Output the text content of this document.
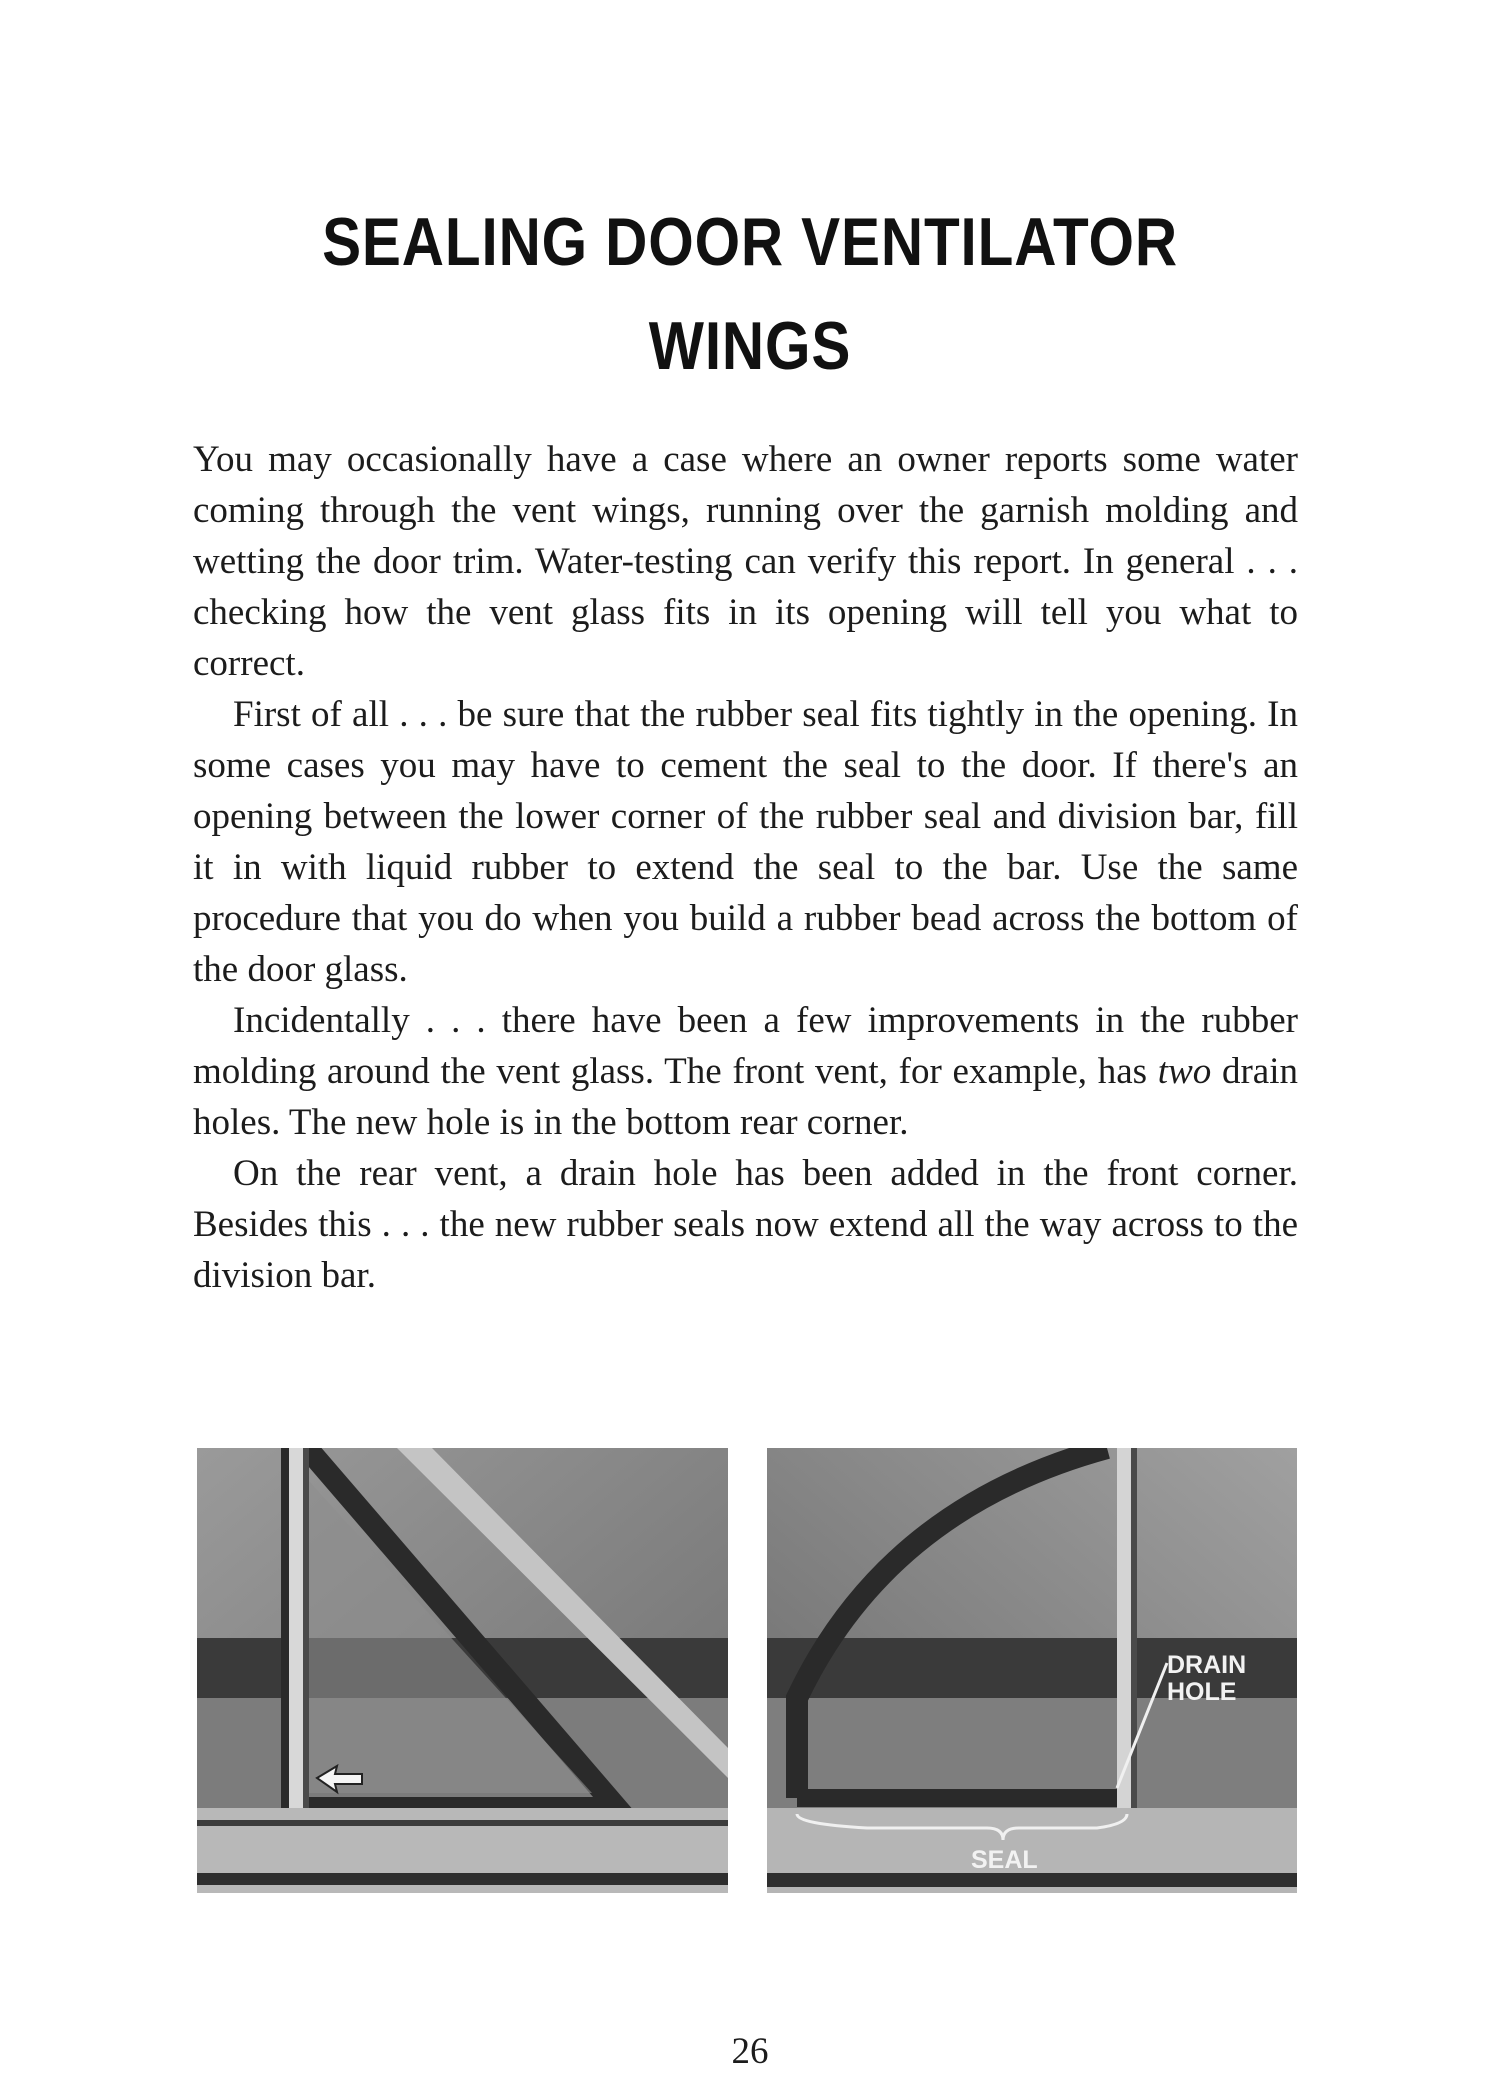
SEALING DOOR VENTILATOR
WINGS

You may occasionally have a case where an owner reports some water coming through the vent wings, running over the garnish molding and wetting the door trim. Water-testing can verify this report. In general . . . checking how the vent glass fits in its opening will tell you what to correct.

First of all . . . be sure that the rubber seal fits tightly in the opening. In some cases you may have to cement the seal to the door. If there's an opening between the lower corner of the rubber seal and division bar, fill it in with liquid rubber to extend the seal to the bar. Use the same procedure that you do when you build a rubber bead across the bottom of the door glass.

Incidentally . . . there have been a few improvements in the rubber molding around the vent glass. The front vent, for example, has two drain holes. The new hole is in the bottom rear corner.

On the rear vent, a drain hole has been added in the front corner. Besides this . . . the new rubber seals now extend all the way across to the division bar.

DRAIN
HOLE
SEAL
26
